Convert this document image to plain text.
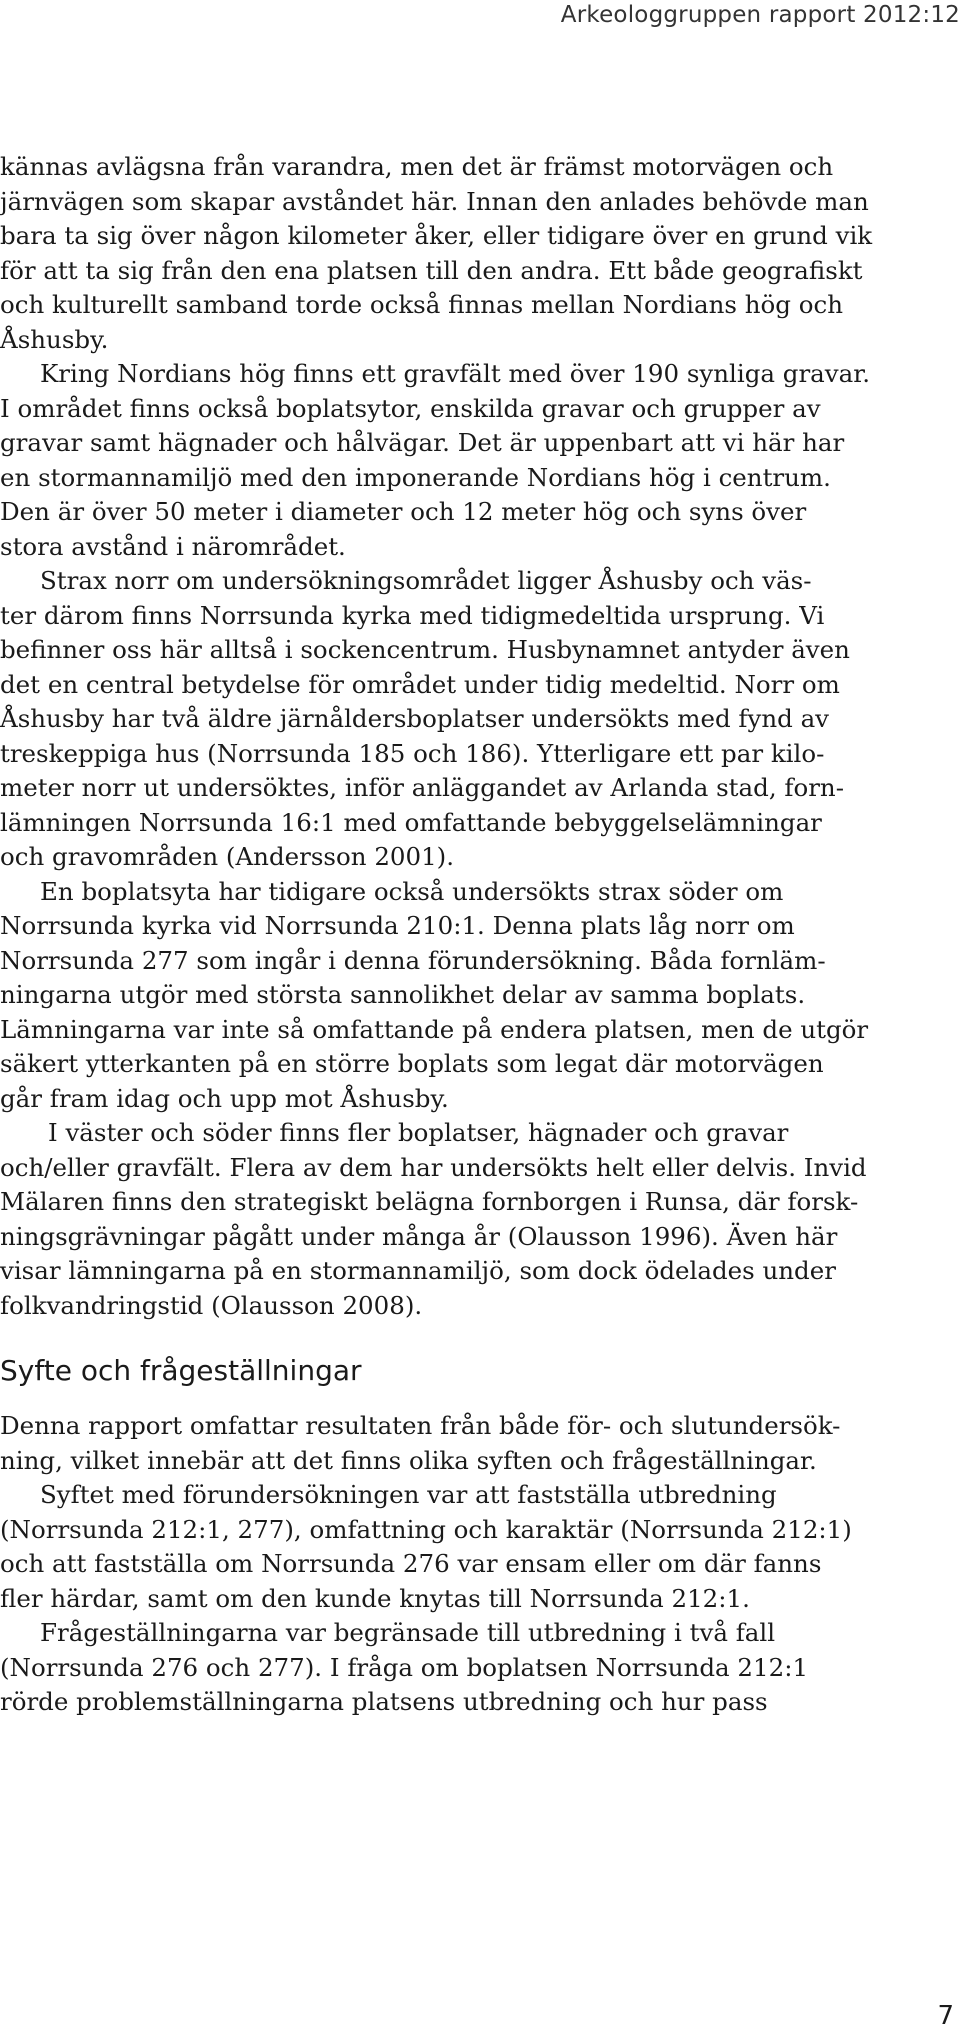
Arkeologgruppen rapport 2012:12
kännas avlägsna från varandra, men det är främst motorvägen och
järnvägen som skapar avståndet här. Innan den anlades behövde man
bara ta sig över någon kilometer åker, eller tidigare över en grund vik
för att ta sig från den ena platsen till den andra. Ett både geografiskt
och kulturellt samband torde också finnas mellan Nordians hög och
Åshusby.
Kring Nordians hög finns ett gravfält med över 190 synliga gravar.
I området finns också boplatsytor, enskilda gravar och grupper av
gravar samt hägnader och hålvägar. Det är uppenbart att vi här har
en stormannamiljö med den imponerande Nordians hög i centrum.
Den är över 50 meter i diameter och 12 meter hög och syns över
stora avstånd i närområdet.
Strax norr om undersökningsområdet ligger Åshusby och väs-
ter därom finns Norrsunda kyrka med tidigmedeltida ursprung. Vi
befinner oss här alltså i sockencentrum. Husbynamnet antyder även
det en central betydelse för området under tidig medeltid. Norr om
Åshusby har två äldre järnåldersboplatser undersökts med fynd av
treskeppiga hus (Norrsunda 185 och 186). Ytterligare ett par kilo-
meter norr ut undersöktes, inför anläggandet av Arlanda stad, forn-
lämningen Norrsunda 16:1 med omfattande bebyggelselämningar
och gravområden (Andersson 2001).
En boplatsyta har tidigare också undersökts strax söder om
Norrsunda kyrka vid Norrsunda 210:1. Denna plats låg norr om
Norrsunda 277 som ingår i denna förundersökning. Båda fornläm-
ningarna utgör med största sannolikhet delar av samma boplats.
Lämningarna var inte så omfattande på endera platsen, men de utgör
säkert ytterkanten på en större boplats som legat där motorvägen
går fram idag och upp mot Åshusby.
I väster och söder finns fler boplatser, hägnader och gravar
och/eller gravfält. Flera av dem har undersökts helt eller delvis. Invid
Mälaren finns den strategiskt belägna fornborgen i Runsa, där forsk-
ningsgrävningar pågått under många år (Olausson 1996). Även här
visar lämningarna på en stormannamiljö, som dock ödelades under
folkvandringstid (Olausson 2008).
Syfte och frågeställningar
Denna rapport omfattar resultaten från både för- och slutundersök-
ning, vilket innebär att det finns olika syften och frågeställningar.
Syftet med förundersökningen var att fastställa utbredning
(Norrsunda 212:1, 277), omfattning och karaktär (Norrsunda 212:1)
och att fastställa om Norrsunda 276 var ensam eller om där fanns
fler härdar, samt om den kunde knytas till Norrsunda 212:1.
Frågeställningarna var begränsade till utbredning i två fall
(Norrsunda 276 och 277). I fråga om boplatsen Norrsunda 212:1
rörde problemställningarna platsens utbredning och hur pass
7
